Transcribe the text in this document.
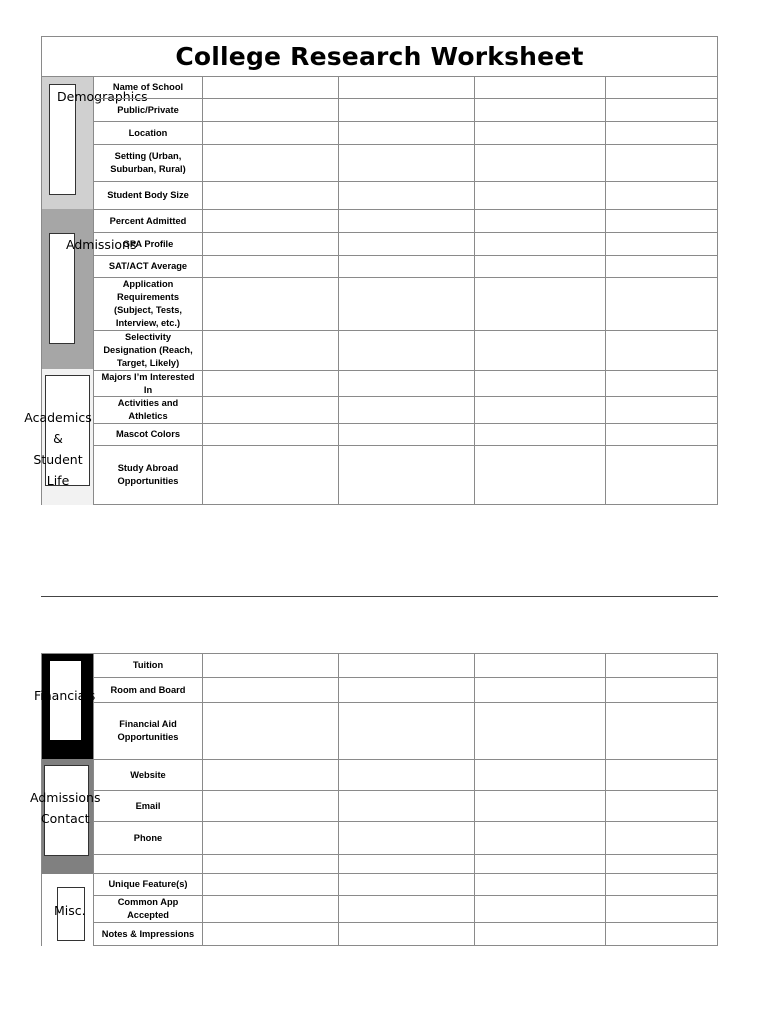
College Research Worksheet
Demographics
Admissions
Academics &
Student Life
Name of School
Public/Private
Location
Setting (Urban,
Suburban, Rural)
Student Body Size
Percent Admitted
GPA Profile
SAT/ACT Average
Application
Requirements
(Subject, Tests,
Interview, etc.)
Selectivity
Designation (Reach,
Target, Likely)
Majors I’m Interested
In
Activities and
Athletics
Mascot Colors
Study Abroad
Opportunities
Financials
Admissions
Contact
Misc.
Tuition
Room and Board
Financial Aid
Opportunities
Website
Email
Phone
Unique Feature(s)
Common App
Accepted
Notes & Impressions
